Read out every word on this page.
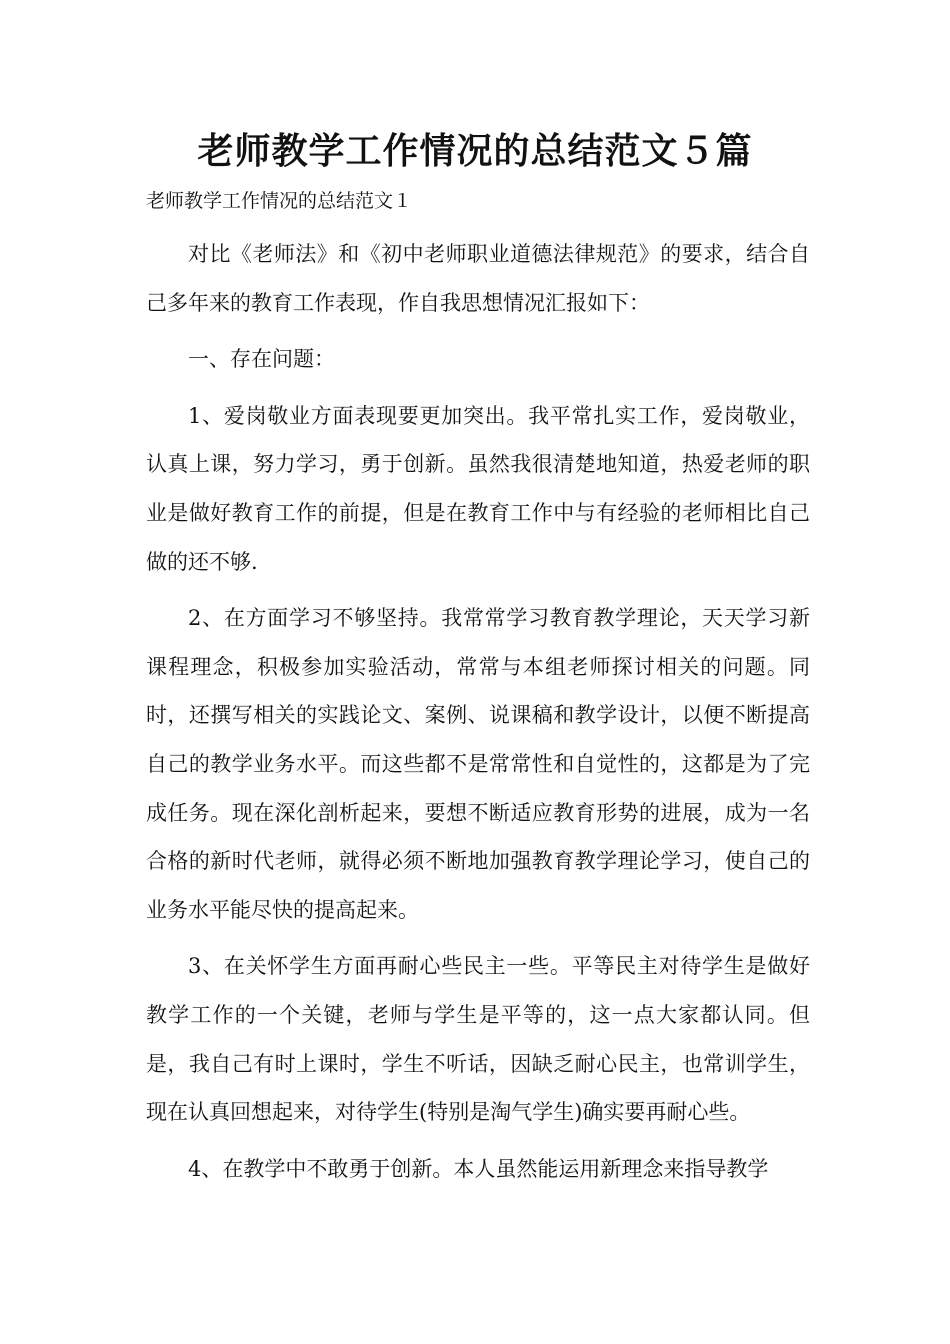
老师教学工作情况的总结范文５篇

老师教学工作情况的总结范文１

对比《老师法》和《初中老师职业道德法律规范》的要求，结合自己多年来的教育工作表现，作自我思想情况汇报如下：

一、存在问题：

1、爱岗敬业方面表现要更加突出。我平常扎实工作，爱岗敬业，认真上课，努力学习，勇于创新。虽然我很清楚地知道，热爱老师的职业是做好教育工作的前提，但是在教育工作中与有经验的老师相比自己做的还不够.

2、在方面学习不够坚持。我常常学习教育教学理论，天天学习新课程理念，积极参加实验活动，常常与本组老师探讨相关的问题。同时，还撰写相关的实践论文、案例、说课稿和教学设计，以便不断提高自己的教学业务水平。而这些都不是常常性和自觉性的，这都是为了完成任务。现在深化剖析起来，要想不断适应教育形势的进展，成为一名合格的新时代老师，就得必须不断地加强教育教学理论学习，使自己的业务水平能尽快的提高起来。

3、在关怀学生方面再耐心些民主一些。平等民主对待学生是做好教学工作的一个关键，老师与学生是平等的，这一点大家都认同。但是，我自己有时上课时，学生不听话，因缺乏耐心民主，也常训学生，现在认真回想起来，对待学生(特别是淘气学生)确实要再耐心些。

4、在教学中不敢勇于创新。本人虽然能运用新理念来指导教学
